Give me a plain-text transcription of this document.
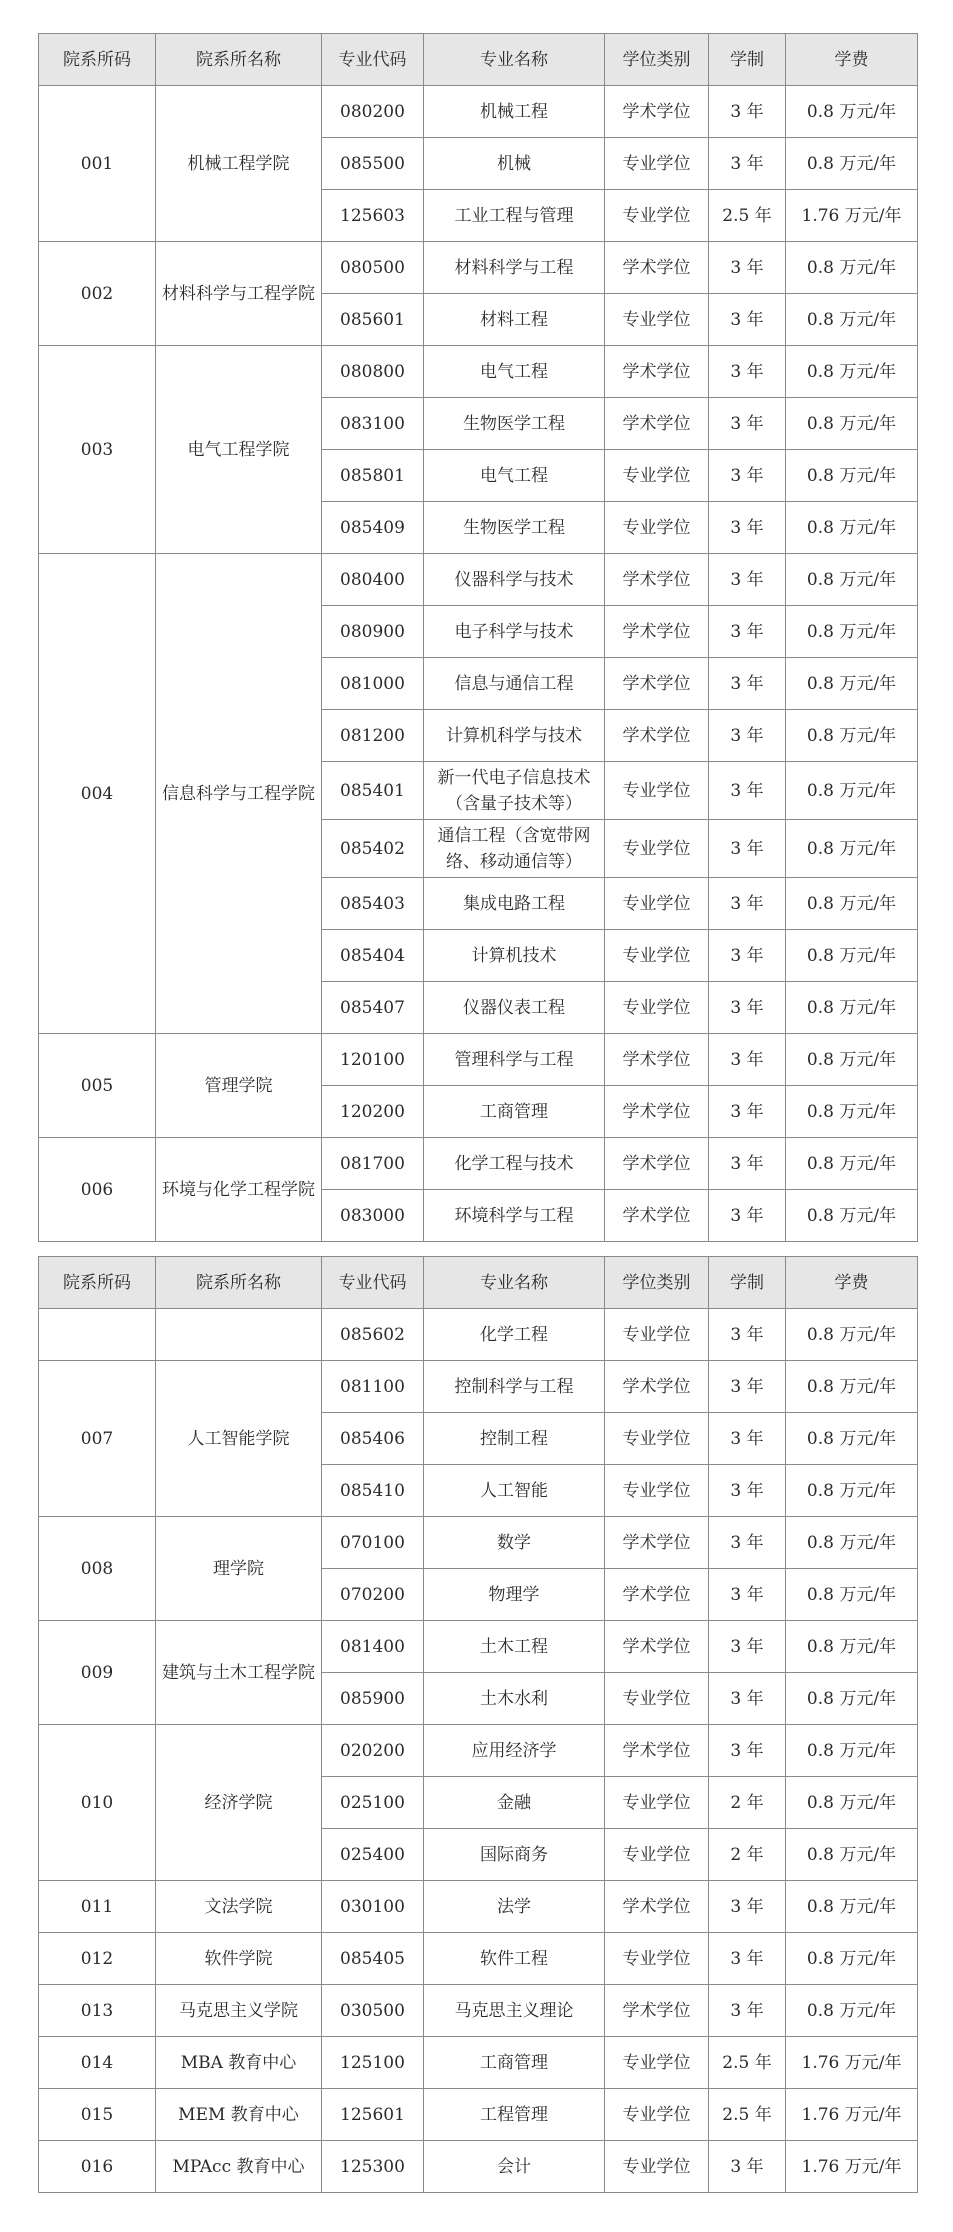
院系所码	院系所名称	专业代码	专业名称	学位类别	学制	学费
001	机械工程学院	080200	机械工程	学术学位	3 年	0.8 万元/年
		085500	机械	专业学位	3 年	0.8 万元/年
		125603	工业工程与管理	专业学位	2.5 年	1.76 万元/年
002	材料科学与工程学院	080500	材料科学与工程	学术学位	3 年	0.8 万元/年
		085601	材料工程	专业学位	3 年	0.8 万元/年
003	电气工程学院	080800	电气工程	学术学位	3 年	0.8 万元/年
		083100	生物医学工程	学术学位	3 年	0.8 万元/年
		085801	电气工程	专业学位	3 年	0.8 万元/年
		085409	生物医学工程	专业学位	3 年	0.8 万元/年
004	信息科学与工程学院	080400	仪器科学与技术	学术学位	3 年	0.8 万元/年
		080900	电子科学与技术	学术学位	3 年	0.8 万元/年
		081000	信息与通信工程	学术学位	3 年	0.8 万元/年
		081200	计算机科学与技术	学术学位	3 年	0.8 万元/年
		085401	新一代电子信息技术（含量子技术等）	专业学位	3 年	0.8 万元/年
		085402	通信工程（含宽带网络、移动通信等）	专业学位	3 年	0.8 万元/年
		085403	集成电路工程	专业学位	3 年	0.8 万元/年
		085404	计算机技术	专业学位	3 年	0.8 万元/年
		085407	仪器仪表工程	专业学位	3 年	0.8 万元/年
005	管理学院	120100	管理科学与工程	学术学位	3 年	0.8 万元/年
		120200	工商管理	学术学位	3 年	0.8 万元/年
006	环境与化学工程学院	081700	化学工程与技术	学术学位	3 年	0.8 万元/年
		083000	环境科学与工程	学术学位	3 年	0.8 万元/年
院系所码	院系所名称	专业代码	专业名称	学位类别	学制	学费
		085602	化学工程	专业学位	3 年	0.8 万元/年
007	人工智能学院	081100	控制科学与工程	学术学位	3 年	0.8 万元/年
		085406	控制工程	专业学位	3 年	0.8 万元/年
		085410	人工智能	专业学位	3 年	0.8 万元/年
008	理学院	070100	数学	学术学位	3 年	0.8 万元/年
		070200	物理学	学术学位	3 年	0.8 万元/年
009	建筑与土木工程学院	081400	土木工程	学术学位	3 年	0.8 万元/年
		085900	土木水利	专业学位	3 年	0.8 万元/年
010	经济学院	020200	应用经济学	学术学位	3 年	0.8 万元/年
		025100	金融	专业学位	2 年	0.8 万元/年
		025400	国际商务	专业学位	2 年	0.8 万元/年
011	文法学院	030100	法学	学术学位	3 年	0.8 万元/年
012	软件学院	085405	软件工程	专业学位	3 年	0.8 万元/年
013	马克思主义学院	030500	马克思主义理论	学术学位	3 年	0.8 万元/年
014	MBA 教育中心	125100	工商管理	专业学位	2.5 年	1.76 万元/年
015	MEM 教育中心	125601	工程管理	专业学位	2.5 年	1.76 万元/年
016	MPAcc 教育中心	125300	会计	专业学位	3 年	1.76 万元/年
